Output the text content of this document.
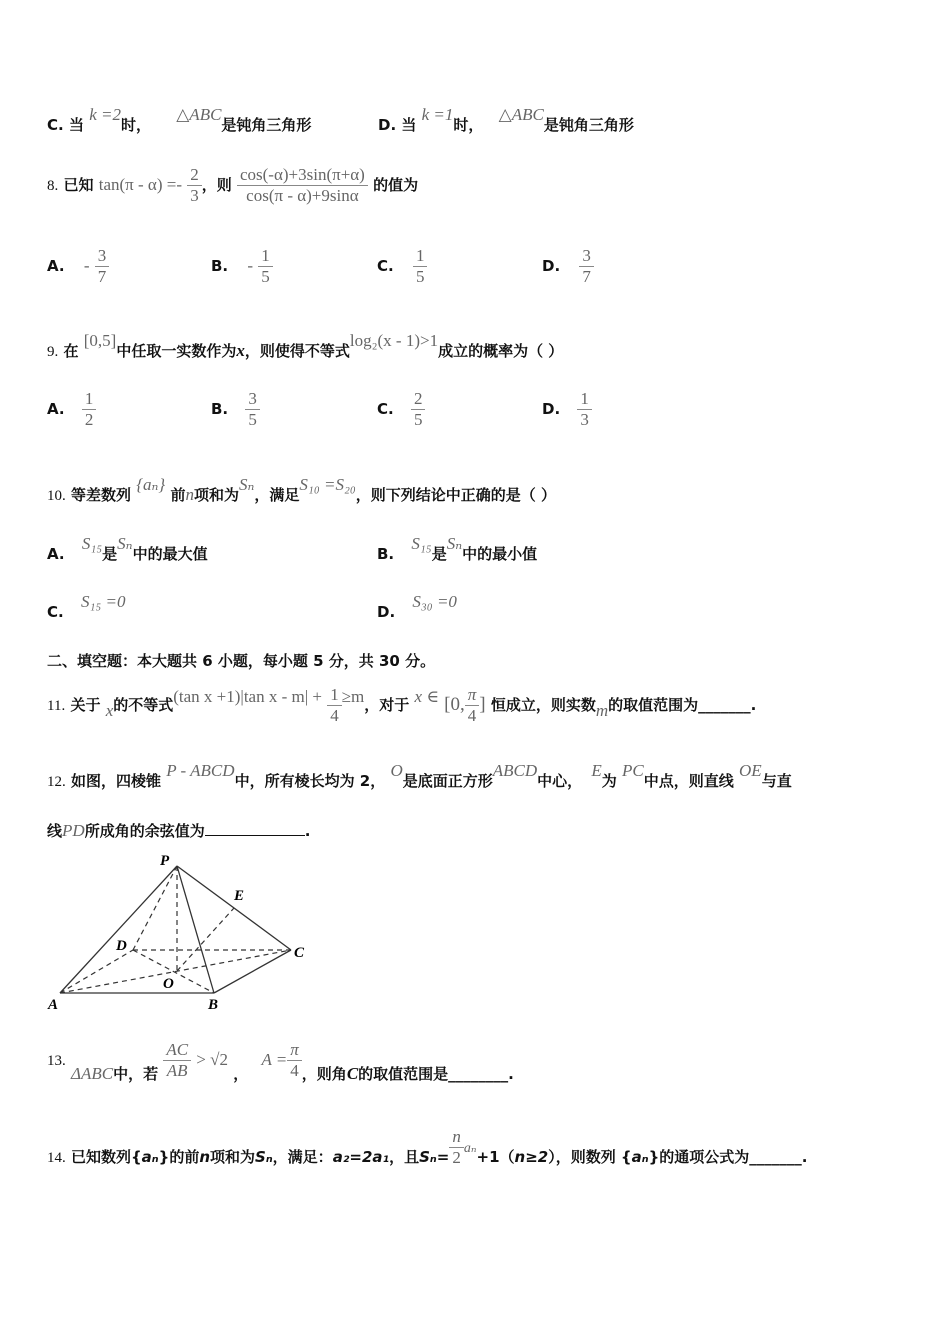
C. 当 k =2时， △ABC是钝角三角形	D. 当 k =1时， △ABC是钝角三角形
8. 已知 $\tan(\pi - \alpha) =- \frac{2}{3}$ ，则 $\frac{\cos(-\alpha)+3\sin(\pi+\alpha)}{\cos(\pi - \alpha)+9\sin\alpha}$ 的值为
A. - $\frac{3}{7}$	B. - $\frac{1}{5}$	C. $\frac{1}{5}$	D. $\frac{3}{7}$
9. 在 [0,5]中任取一实数作为x，则使得不等式log₂(x - 1)>1成立的概率为（ ）
A. $\frac{1}{2}$	B. $\frac{3}{5}$	C. $\frac{2}{5}$	D. $\frac{1}{3}$
10. 等差数列 {aₙ} 前n项和为Sₙ，满足S₁₀ =S₂₀，则下列结论中正确的是（ ）
A. S₁₅是Sₙ中的最大值	B. S₁₅是Sₙ中的最小值
C. S₁₅ =0
D. S₃₀ =0
二、填空题：本大题共 6 小题，每小题 5 分，共 30 分。
11. 关于 x的不等式(tan x +1)|tan $x - m| + \frac{1}{4} \ge m$，对于 x ∈ [0, $\frac{\pi}{4}$ ] 恒成立，则实数m的取值范围为_______.
12. 如图，四棱锥 P - ABCD中，所有棱长均为 2， O是底面正方形ABCD中心， E为 PC中点，则直线 OE与直
线PD所成角的余弦值为	.
P
E
D	C
O
A	B
13. ΔABC中，若 $\frac{AC}{AB} > √2$ ， $A = \frac{\pi}{4}$ ，则角C的取值范围是________.
14. 已知数列{aₙ}的前n项和为Sₙ，满足：a₂=2a₁，且$S_n= \frac{n}{2} a_n+1(n\ge 2)$，则数列 {aₙ}的通项公式为_______.
